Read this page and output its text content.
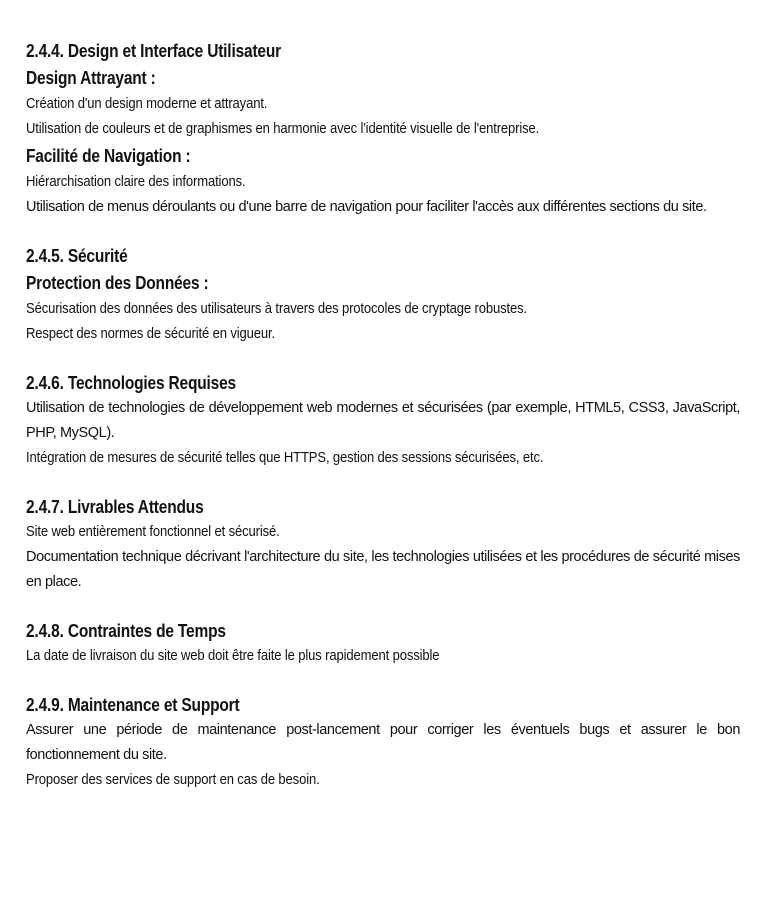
2.4.4. Design et Interface Utilisateur
Design Attrayant :
Création d'un design moderne et attrayant.
Utilisation de couleurs et de graphismes en harmonie avec l'identité visuelle de l'entreprise.
Facilité de Navigation :
Hiérarchisation claire des informations.
Utilisation de menus déroulants ou d'une barre de navigation pour faciliter l'accès aux différentes sections du site.
2.4.5. Sécurité
Protection des Données :
Sécurisation des données des utilisateurs à travers des protocoles de cryptage robustes.
Respect des normes de sécurité en vigueur.
2.4.6. Technologies Requises
Utilisation de technologies de développement web modernes et sécurisées (par exemple, HTML5, CSS3, JavaScript, PHP, MySQL).
Intégration de mesures de sécurité telles que HTTPS, gestion des sessions sécurisées, etc.
2.4.7. Livrables Attendus
Site web entièrement fonctionnel et sécurisé.
Documentation technique décrivant l'architecture du site, les technologies utilisées et les procédures de sécurité mises en place.
2.4.8. Contraintes de Temps
La date de livraison du site web doit être faite le plus rapidement possible
2.4.9. Maintenance et Support
Assurer une période de maintenance post-lancement pour corriger les éventuels bugs et assurer le bon fonctionnement du site.
Proposer des services de support en cas de besoin.
